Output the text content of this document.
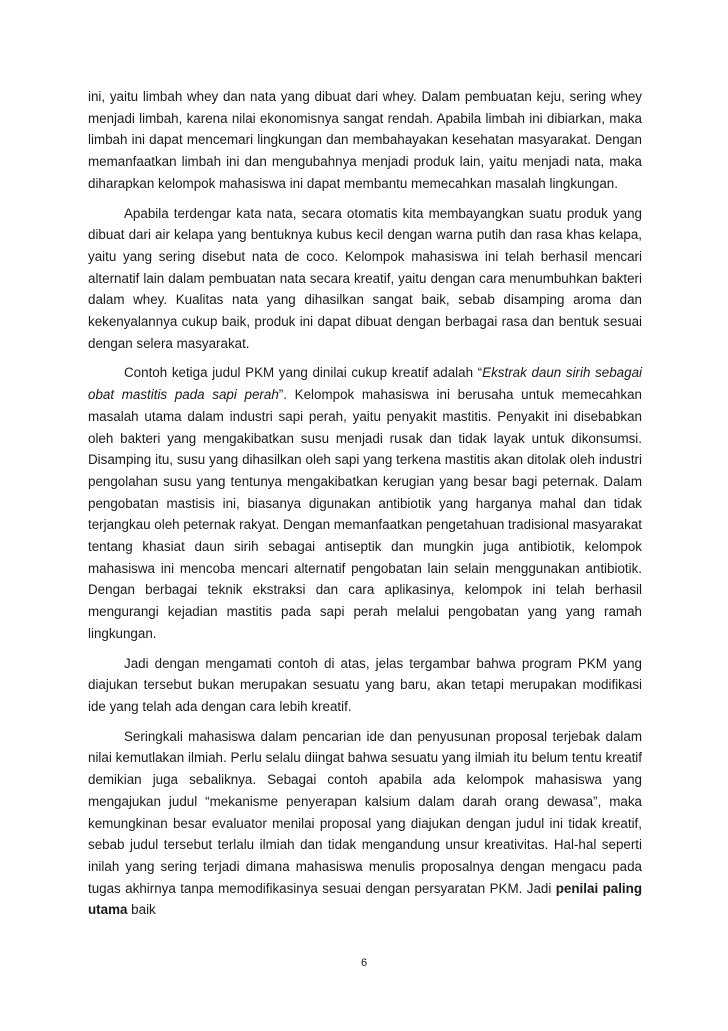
ini, yaitu limbah whey dan nata yang dibuat dari whey. Dalam pembuatan keju, sering whey menjadi limbah, karena nilai ekonomisnya sangat rendah. Apabila limbah ini dibiarkan, maka limbah ini dapat mencemari lingkungan dan membahayakan kesehatan masyarakat. Dengan memanfaatkan limbah ini dan mengubahnya menjadi produk lain, yaitu menjadi nata, maka diharapkan kelompok mahasiswa ini dapat membantu memecahkan masalah lingkungan.

Apabila terdengar kata nata, secara otomatis kita membayangkan suatu produk yang dibuat dari air kelapa yang bentuknya kubus kecil dengan warna putih dan rasa khas kelapa, yaitu yang sering disebut nata de coco. Kelompok mahasiswa ini telah berhasil mencari alternatif lain dalam pembuatan nata secara kreatif, yaitu dengan cara menumbuhkan bakteri dalam whey. Kualitas nata yang dihasilkan sangat baik, sebab disamping aroma dan kekenyalannya cukup baik, produk ini dapat dibuat dengan berbagai rasa dan bentuk sesuai dengan selera masyarakat.

Contoh ketiga judul PKM yang dinilai cukup kreatif adalah “Ekstrak daun sirih sebagai obat mastitis pada sapi perah”. Kelompok mahasiswa ini berusaha untuk memecahkan masalah utama dalam industri sapi perah, yaitu penyakit mastitis. Penyakit ini disebabkan oleh bakteri yang mengakibatkan susu menjadi rusak dan tidak layak untuk dikonsumsi. Disamping itu, susu yang dihasilkan oleh sapi yang terkena mastitis akan ditolak oleh industri pengolahan susu yang tentunya mengakibatkan kerugian yang besar bagi peternak. Dalam pengobatan mastisis ini, biasanya digunakan antibiotik yang harganya mahal dan tidak terjangkau oleh peternak rakyat. Dengan memanfaatkan pengetahuan tradisional masyarakat tentang khasiat daun sirih sebagai antiseptik dan mungkin juga antibiotik, kelompok mahasiswa ini mencoba mencari alternatif pengobatan lain selain menggunakan antibiotik. Dengan berbagai teknik ekstraksi dan cara aplikasinya, kelompok ini telah berhasil mengurangi kejadian mastitis pada sapi perah melalui pengobatan yang yang ramah lingkungan.

Jadi dengan mengamati contoh di atas, jelas tergambar bahwa program PKM yang diajukan tersebut bukan merupakan sesuatu yang baru, akan tetapi merupakan modifikasi ide yang telah ada dengan cara lebih kreatif.

Seringkali mahasiswa dalam pencarian ide dan penyusunan proposal terjebak dalam nilai kemutlakan ilmiah. Perlu selalu diingat bahwa sesuatu yang ilmiah itu belum tentu kreatif demikian juga sebaliknya. Sebagai contoh apabila ada kelompok mahasiswa yang mengajukan judul “mekanisme penyerapan kalsium dalam darah orang dewasa”, maka kemungkinan besar evaluator menilai proposal yang diajukan dengan judul ini tidak kreatif, sebab judul tersebut terlalu ilmiah dan tidak mengandung unsur kreativitas. Hal-hal seperti inilah yang sering terjadi dimana mahasiswa menulis proposalnya dengan mengacu pada tugas akhirnya tanpa memodifikasinya sesuai dengan persyaratan PKM. Jadi penilai paling utama baik

6
